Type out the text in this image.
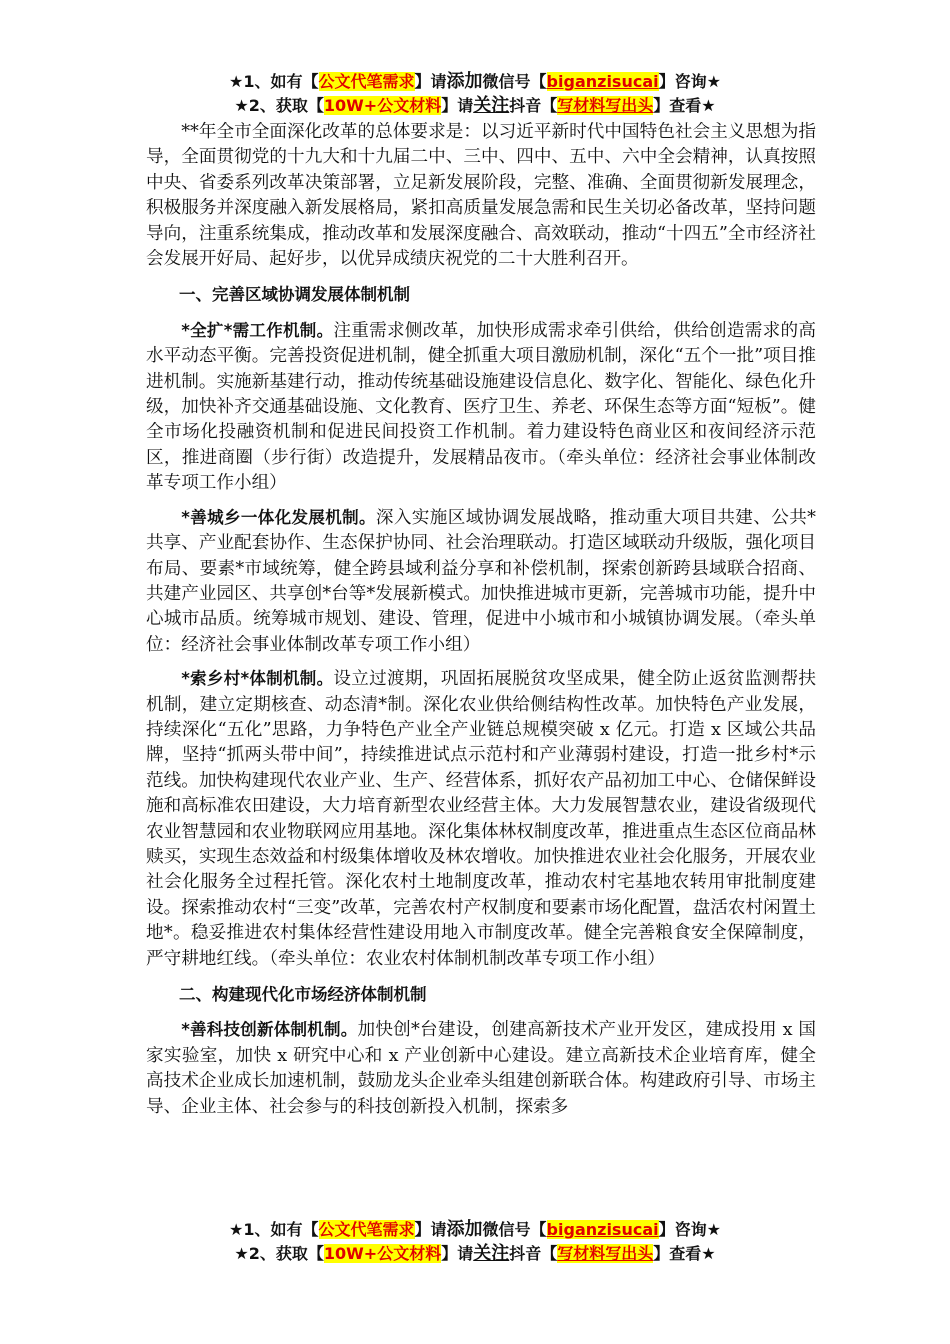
★1、如有【公文代笔需求】请添加微信号【biganzisucai】咨询★
★2、获取【10W+公文材料】请关注抖音【写材料写出头】查看★

**年全市全面深化改革的总体要求是：以习近平新时代中国特色社会主义思想为指导，全面贯彻党的十九大和十九届二中、三中、四中、五中、六中全会精神，认真按照中央、省委系列改革决策部署，立足新发展阶段，完整、准确、全面贯彻新发展理念，积极服务并深度融入新发展格局，紧扣高质量发展急需和民生关切必备改革，坚持问题导向，注重系统集成，推动改革和发展深度融合、高效联动，推动“十四五”全市经济社会发展开好局、起好步，以优异成绩庆祝党的二十大胜利召开。

一、完善区域协调发展体制机制

*全扩*需工作机制。注重需求侧改革，加快形成需求牵引供给，供给创造需求的高水平动态平衡。完善投资促进机制，健全抓重大项目激励机制，深化“五个一批”项目推进机制。实施新基建行动，推动传统基础设施建设信息化、数字化、智能化、绿色化升级，加快补齐交通基础设施、文化教育、医疗卫生、养老、环保生态等方面“短板”。健全市场化投融资机制和促进民间投资工作机制。着力建设特色商业区和夜间经济示范区，推进商圈（步行街）改造提升，发展精品夜市。（牵头单位：经济社会事业体制改革专项工作小组）

*善城乡一体化发展机制。深入实施区域协调发展战略，推动重大项目共建、公共*共享、产业配套协作、生态保护协同、社会治理联动。打造区域联动升级版，强化项目布局、要素*市域统筹，健全跨县域利益分享和补偿机制，探索创新跨县域联合招商、共建产业园区、共享创*台等*发展新模式。加快推进城市更新，完善城市功能，提升中心城市品质。统筹城市规划、建设、管理，促进中小城市和小城镇协调发展。（牵头单位：经济社会事业体制改革专项工作小组）

*索乡村*体制机制。设立过渡期，巩固拓展脱贫攻坚成果，健全防止返贫监测帮扶机制，建立定期核查、动态清*制。深化农业供给侧结构性改革。加快特色产业发展，持续深化“五化”思路，力争特色产业全产业链总规模突破 x 亿元。打造 x 区域公共品牌，坚持“抓两头带中间”，持续推进试点示范村和产业薄弱村建设，打造一批乡村*示范线。加快构建现代农业产业、生产、经营体系，抓好农产品初加工中心、仓储保鲜设施和高标准农田建设，大力培育新型农业经营主体。大力发展智慧农业，建设省级现代农业智慧园和农业物联网应用基地。深化集体林权制度改革，推进重点生态区位商品林赎买，实现生态效益和村级集体增收及林农增收。加快推进农业社会化服务，开展农业社会化服务全过程托管。深化农村土地制度改革，推动农村宅基地农转用审批制度建设。探索推动农村“三变”改革，完善农村产权制度和要素市场化配置，盘活农村闲置土地*。稳妥推进农村集体经营性建设用地入市制度改革。健全完善粮食安全保障制度，严守耕地红线。（牵头单位：农业农村体制机制改革专项工作小组）

二、构建现代化市场经济体制机制

*善科技创新体制机制。加快创*台建设，创建高新技术产业开发区，建成投用 x 国家实验室，加快 x 研究中心和 x 产业创新中心建设。建立高新技术企业培育库，健全高技术企业成长加速机制，鼓励龙头企业牵头组建创新联合体。构建政府引导、市场主导、企业主体、社会参与的科技创新投入机制，探索多

★1、如有【公文代笔需求】请添加微信号【biganzisucai】咨询★
★2、获取【10W+公文材料】请关注抖音【写材料写出头】查看★
